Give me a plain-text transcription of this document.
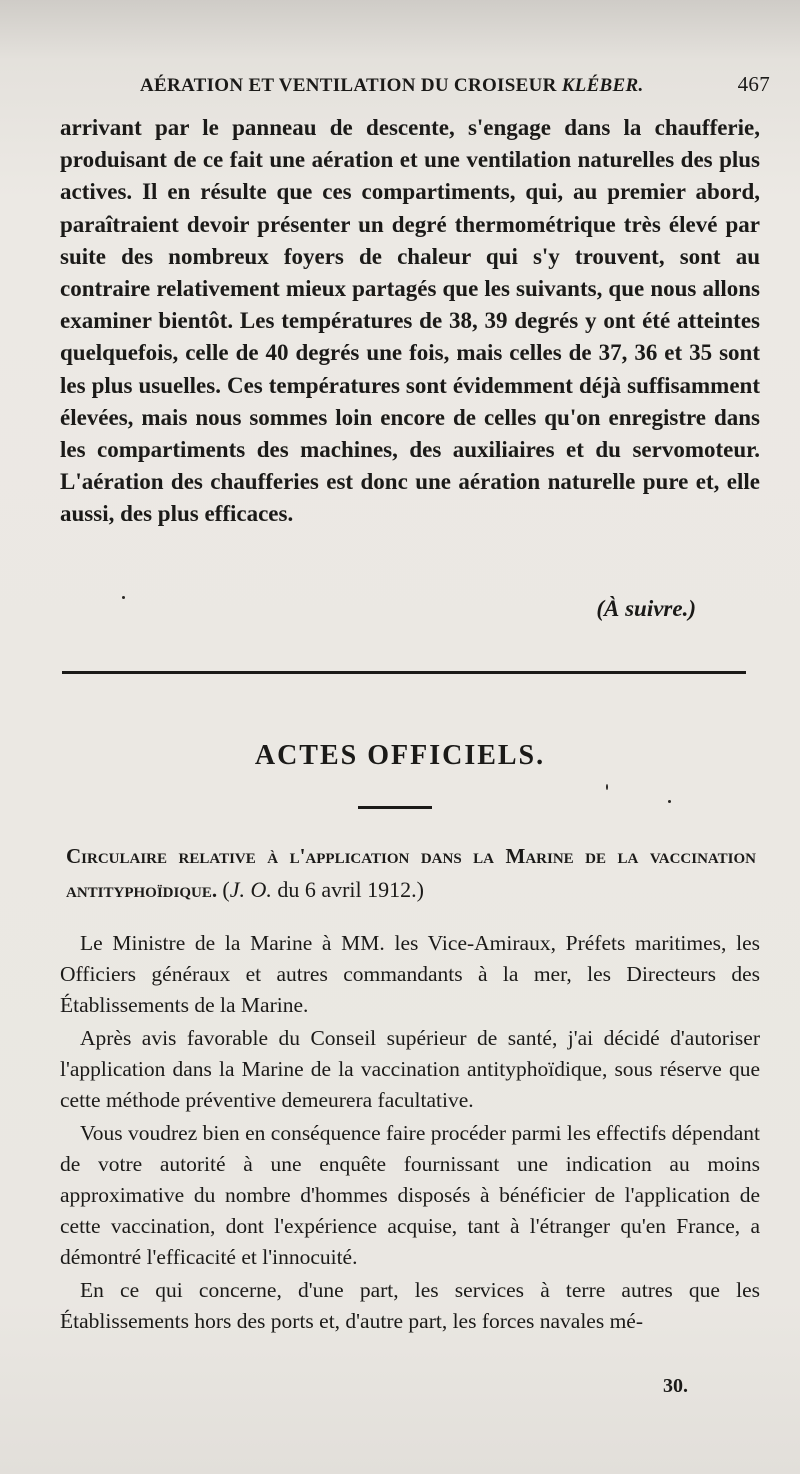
AÉRATION ET VENTILATION DU CROISEUR KLÉBER.	467
arrivant par le panneau de descente, s'engage dans la chaufferie, produisant de ce fait une aération et une ventilation naturelles des plus actives. Il en résulte que ces compartiments, qui, au premier abord, paraîtraient devoir présenter un degré thermométrique très élevé par suite des nombreux foyers de chaleur qui s'y trouvent, sont au contraire relativement mieux partagés que les suivants, que nous allons examiner bientôt. Les températures de 38, 39 degrés y ont été atteintes quelquefois, celle de 40 degrés une fois, mais celles de 37, 36 et 35 sont les plus usuelles. Ces températures sont évidemment déjà suffisamment élevées, mais nous sommes loin encore de celles qu'on enregistre dans les compartiments des machines, des auxiliaires et du servomoteur. L'aération des chaufferies est donc une aération naturelle pure et, elle aussi, des plus efficaces.
(À suivre.)
ACTES OFFICIELS.
Circulaire relative à l'application dans la Marine de la vaccination antityphoïdique. (J. O. du 6 avril 1912.)

Le Ministre de la Marine à MM. les Vice-Amiraux, Préfets maritimes, les Officiers généraux et autres commandants à la mer, les Directeurs des Établissements de la Marine.

Après avis favorable du Conseil supérieur de santé, j'ai décidé d'autoriser l'application dans la Marine de la vaccination antityphoïdique, sous réserve que cette méthode préventive demeurera facultative.

Vous voudrez bien en conséquence faire procéder parmi les effectifs dépendant de votre autorité à une enquête fournissant une indication au moins approximative du nombre d'hommes disposés à bénéficier de l'application de cette vaccination, dont l'expérience acquise, tant à l'étranger qu'en France, a démontré l'efficacité et l'innocuité.

En ce qui concerne, d'une part, les services à terre autres que les Établissements hors des ports et, d'autre part, les forces navales mé-

30.
